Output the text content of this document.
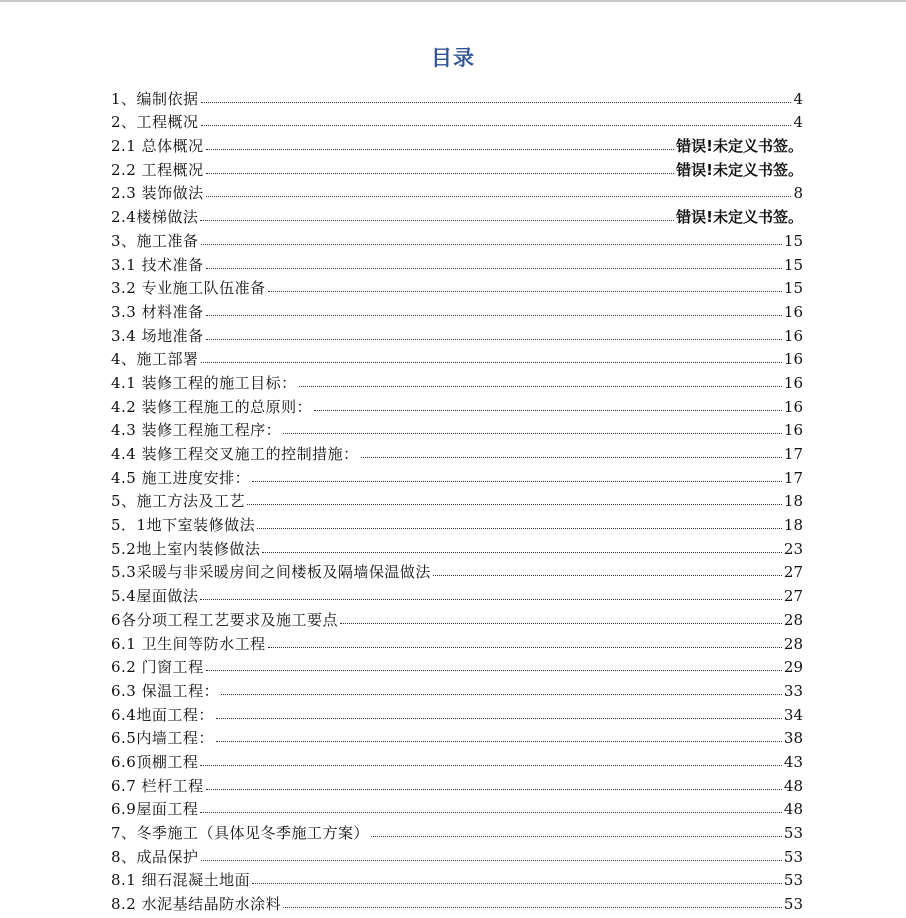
目录
1、编制依据	4
2、工程概况	4
2.1 总体概况	错误!未定义书签。
2.2 工程概况	错误!未定义书签。
2.3 装饰做法	8
2.4楼梯做法	错误!未定义书签。
3、施工准备	15
3.1 技术准备	15
3.2 专业施工队伍准备	15
3.3 材料准备	16
3.4 场地准备	16
4、施工部署	16
4.1 装修工程的施工目标：	16
4.2 装修工程施工的总原则：	16
4.3 装修工程施工程序：	16
4.4 装修工程交叉施工的控制措施：	17
4.5 施工进度安排：	17
5、施工方法及工艺	18
5．1地下室装修做法	18
5.2地上室内装修做法	23
5.3采暖与非采暖房间之间楼板及隔墙保温做法	27
5.4屋面做法	27
6各分项工程工艺要求及施工要点	28
6.1 卫生间等防水工程	28
6.2 门窗工程	29
6.3 保温工程：	33
6.4地面工程：	34
6.5内墙工程：	38
6.6顶棚工程	43
6.7 栏杆工程	48
6.9屋面工程	48
7、冬季施工（具体见冬季施工方案）	53
8、成品保护	53
8.1 细石混凝土地面	53
8.2 水泥基结晶防水涂料	53
